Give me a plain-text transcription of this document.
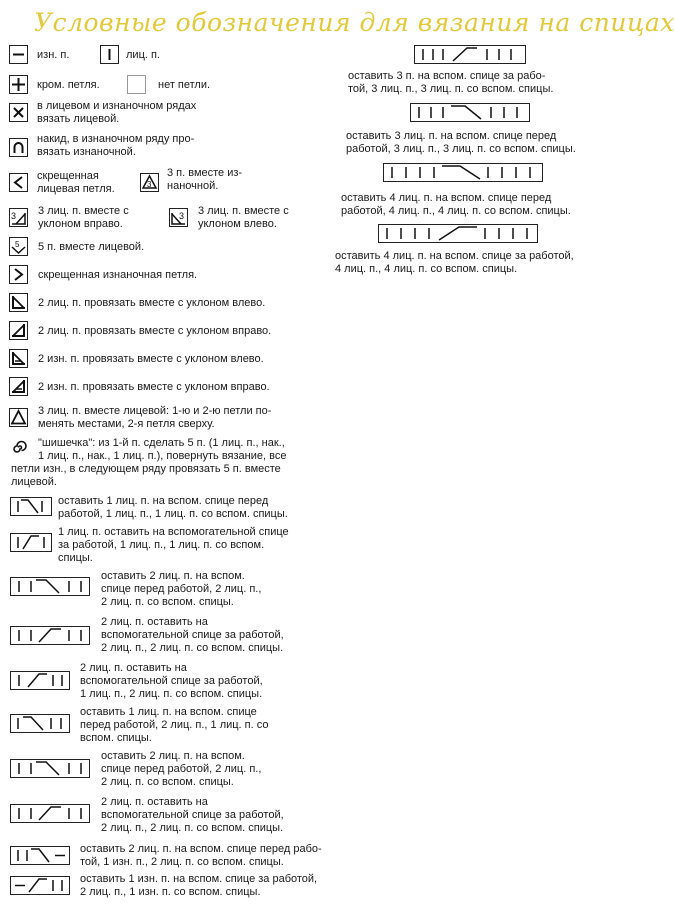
Условные обозначения для вязания на спицах
изн. п.	лиц. п.
кром. петля.	нет петли.
в лицевом и изнаночном рядах
вязать лицевой.
накид, в изнаночном ряду про-
вязать изнаночной.
скрещенная
лицевая петля.	3
3 п. вместе из-
наночной.
3 3 лиц. п. вместе с
уклоном вправо.
3 3 лиц. п. вместе с
уклоном влево.
5 5 п. вместе лицевой.
скрещенная изнаночная петля.
2 лиц. п. провязать вместе с уклоном влево.
2 лиц. п. провязать вместе с уклоном вправо.
2 изн. п. провязать вместе с уклоном влево.
2 изн. п. провязать вместе с уклоном вправо.
3 лиц. п. вместе лицевой: 1-ю и 2-ю петли по-
менять местами, 2-я петля сверху.
"шишечка": из 1-й п. сделать 5 п. (1 лиц. п., нак.,
1 лиц. п., нак., 1 лиц. п.), повернуть вязание, все
петли изн., в следующем ряду провязать 5 п. вместе
лицевой.
оставить 1 лиц. п. на вспом. спице перед
работой, 1 лиц. п., 1 лиц. п. со вспом. спицы.
1 лиц. п. оставить на вспомогательной спице
за работой, 1 лиц. п., 1 лиц. п. со вспом.
спицы.
оставить 2 лиц. п. на вспом.
спице перед работой, 2 лиц. п.,
2 лиц. п. со вспом. спицы.
2 лиц. п. оставить на
вспомогательной спице за работой,
2 лиц. п., 2 лиц. п. со вспом. спицы.
2 лиц. п. оставить на
вспомогательной спице за работой,
1 лиц. п., 2 лиц. п. со вспом. спицы.
оставить 1 лиц. п. на вспом. спице
перед работой, 2 лиц. п., 1 лиц. п. со
вспом. спицы.
оставить 2 лиц. п. на вспом.
спице перед работой, 2 лиц. п.,
2 лиц. п. со вспом. спицы.
2 лиц. п. оставить на
вспомогательной спице за работой,
2 лиц. п., 2 лиц. п. со вспом. спицы.
оставить 2 лиц. п. на вспом. спице перед рабо-
той, 1 изн. п., 2 лиц. п. со вспом. спицы.
оставить 1 изн. п. на вспом. спице за работой,
2 лиц. п., 1 изн. п. со вспом. спицы.
оставить 3 п. на вспом. спице за рабо-
той, 3 лиц. п., 3 лиц. п. со вспом. спицы.
оставить 3 лиц. п. на вспом. спице перед
работой, 3 лиц. п., 3 лиц. п. со вспом. спицы.
оставить 4 лиц. п. на вспом. спице перед
работой, 4 лиц. п., 4 лиц. п. со вспом. спицы.
оставить 4 лиц. п. на вспом. спице за работой,
4 лиц. п., 4 лиц. п. со вспом. спицы.
